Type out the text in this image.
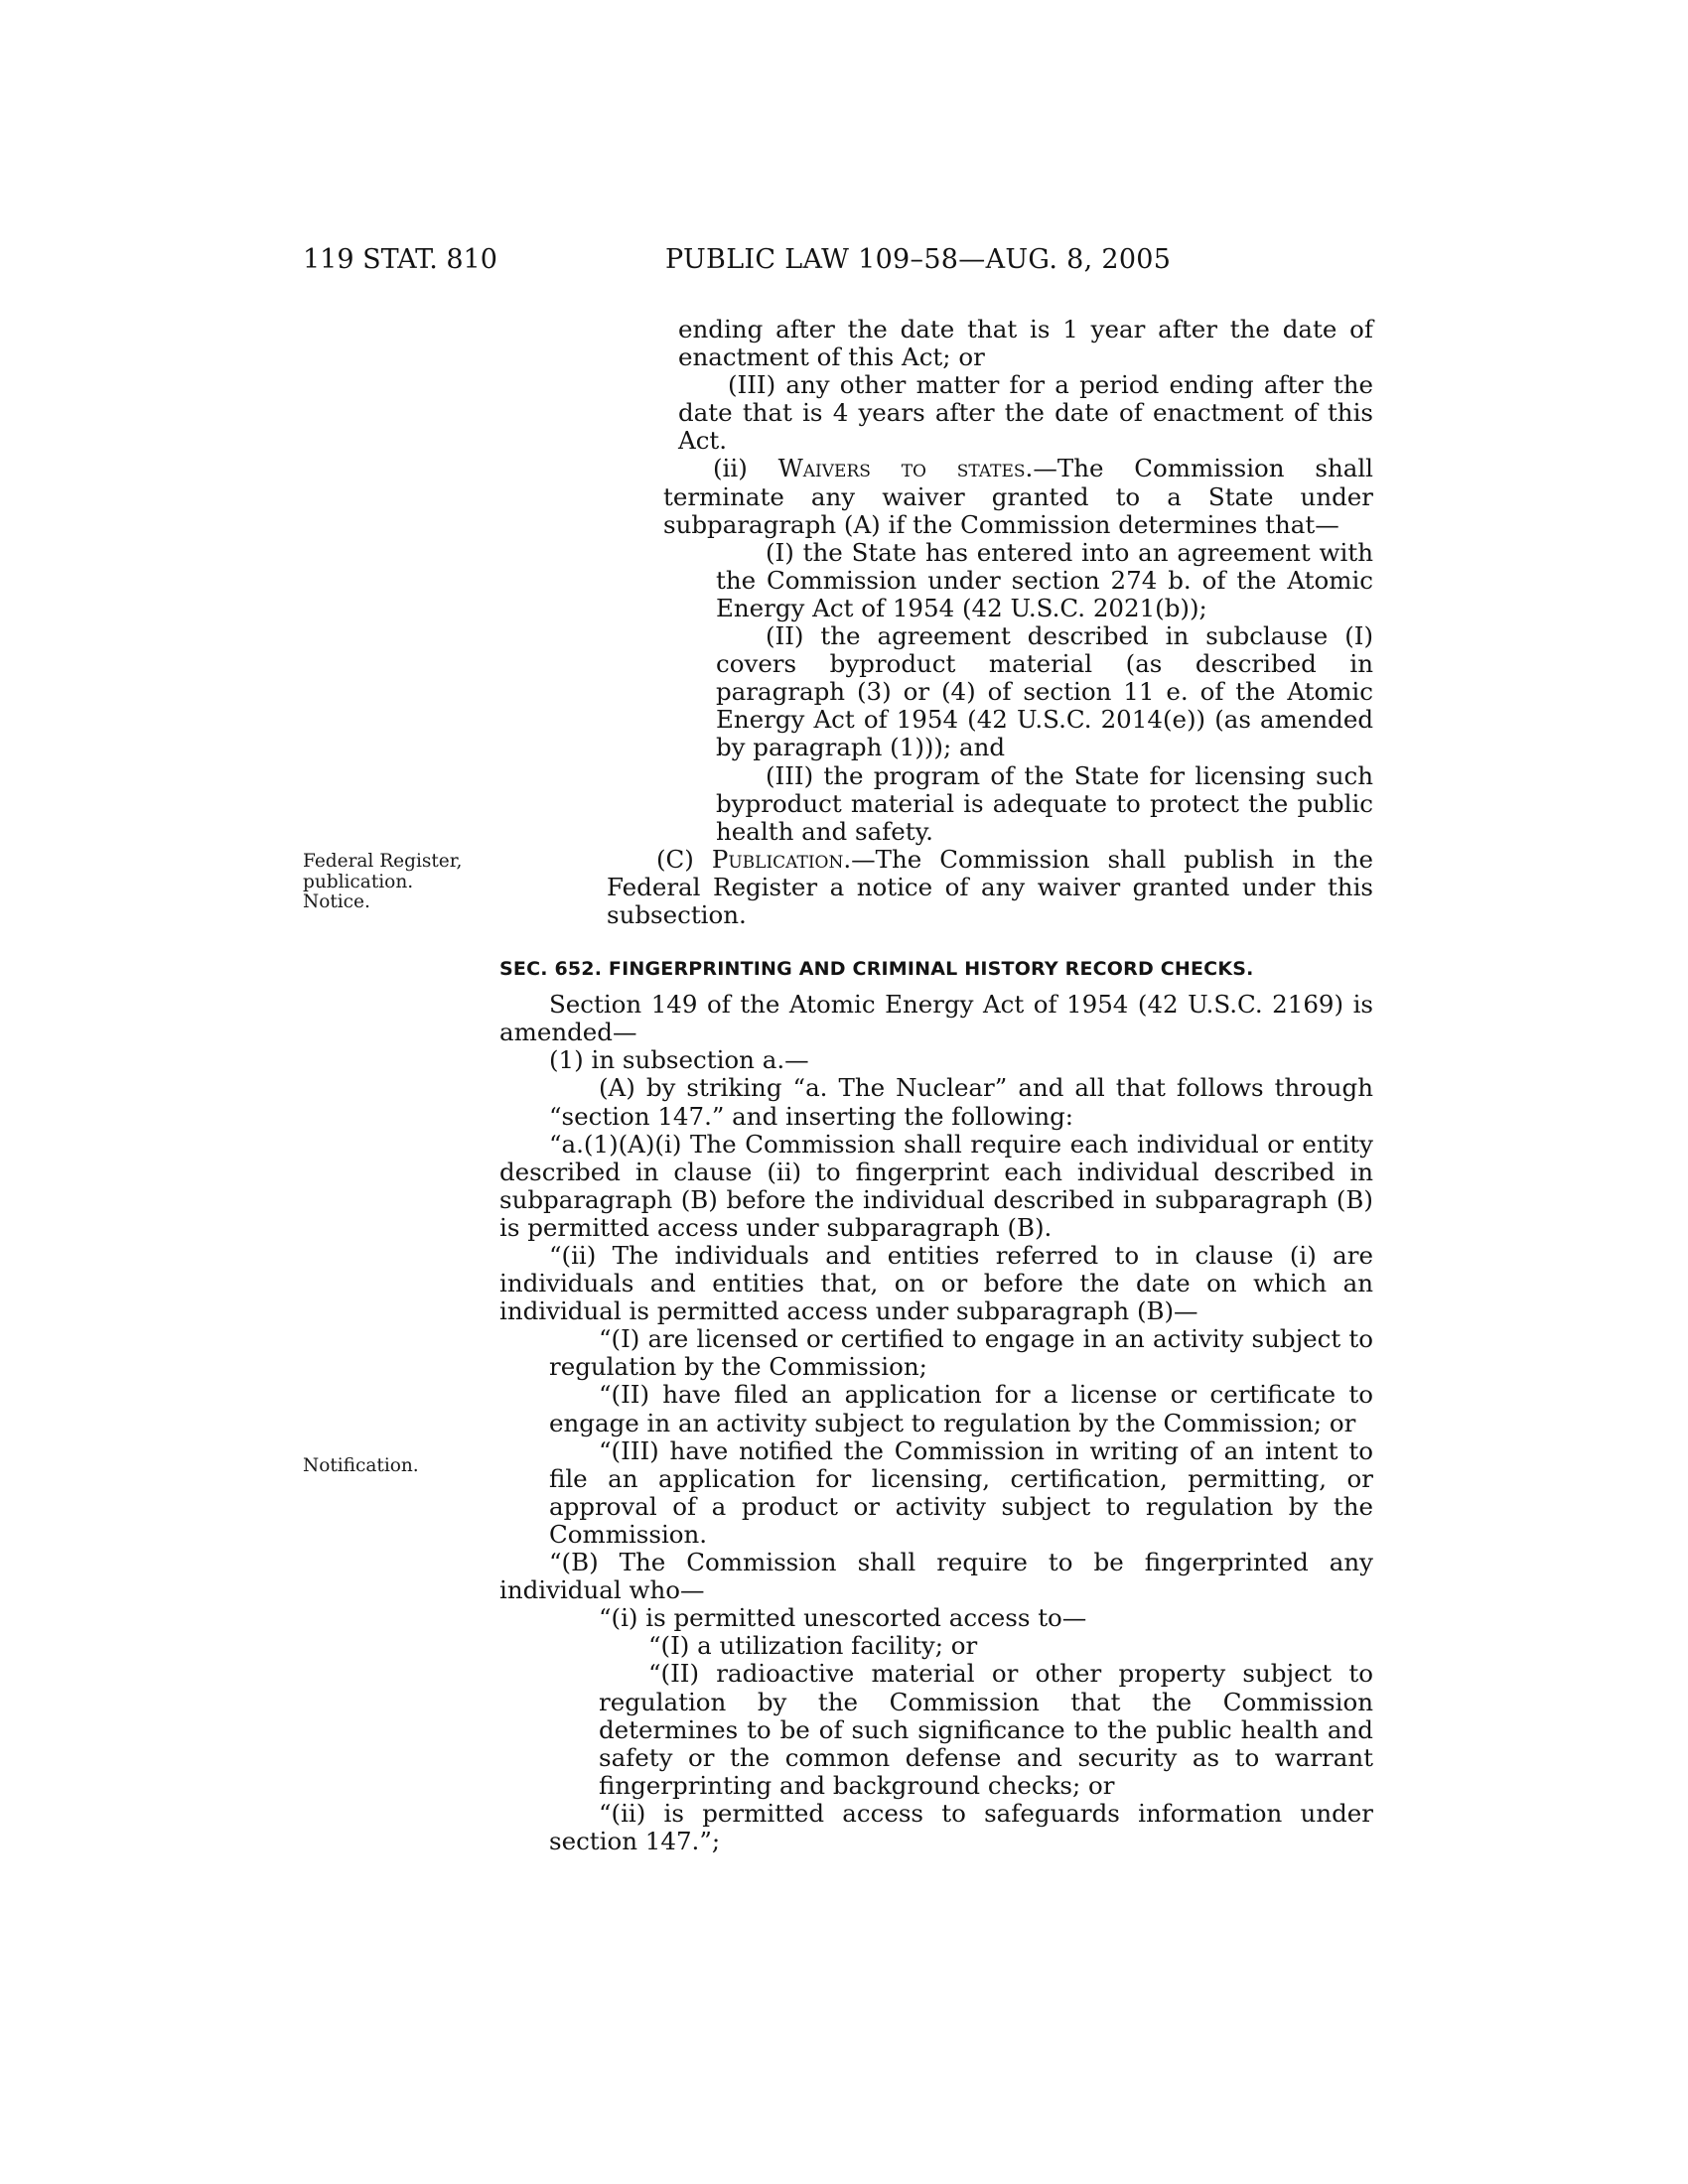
119 STAT. 810	PUBLIC LAW 109–58—AUG. 8, 2005
Federal Register,
publication.
Notice.
Notification.

ending after the date that is 1 year after the date of enactment of this Act; or

(III) any other matter for a period ending after the date that is 4 years after the date of enactment of this Act.

(ii) Waivers to states.—The Commission shall terminate any waiver granted to a State under subparagraph (A) if the Commission determines that—

(I) the State has entered into an agreement with the Commission under section 274 b. of the Atomic Energy Act of 1954 (42 U.S.C. 2021(b));

(II) the agreement described in subclause (I) covers byproduct material (as described in paragraph (3) or (4) of section 11 e. of the Atomic Energy Act of 1954 (42 U.S.C. 2014(e)) (as amended by paragraph (1))); and

(III) the program of the State for licensing such byproduct material is adequate to protect the public health and safety.

(C) Publication.—The Commission shall publish in the Federal Register a notice of any waiver granted under this subsection.

SEC. 652. FINGERPRINTING AND CRIMINAL HISTORY RECORD CHECKS.

Section 149 of the Atomic Energy Act of 1954 (42 U.S.C. 2169) is amended—

(1) in subsection a.—

(A) by striking “a. The Nuclear” and all that follows through “section 147.” and inserting the following:

“a.(1)(A)(i) The Commission shall require each individual or entity described in clause (ii) to fingerprint each individual described in subparagraph (B) before the individual described in subparagraph (B) is permitted access under subparagraph (B).

“(ii) The individuals and entities referred to in clause (i) are individuals and entities that, on or before the date on which an individual is permitted access under subparagraph (B)—

“(I) are licensed or certified to engage in an activity subject to regulation by the Commission;

“(II) have filed an application for a license or certificate to engage in an activity subject to regulation by the Commission; or

“(III) have notified the Commission in writing of an intent to file an application for licensing, certification, permitting, or approval of a product or activity subject to regulation by the Commission.

“(B) The Commission shall require to be fingerprinted any individual who—

“(i) is permitted unescorted access to—

“(I) a utilization facility; or

“(II) radioactive material or other property subject to regulation by the Commission that the Commission determines to be of such significance to the public health and safety or the common defense and security as to warrant fingerprinting and background checks; or

“(ii) is permitted access to safeguards information under section 147.”;
